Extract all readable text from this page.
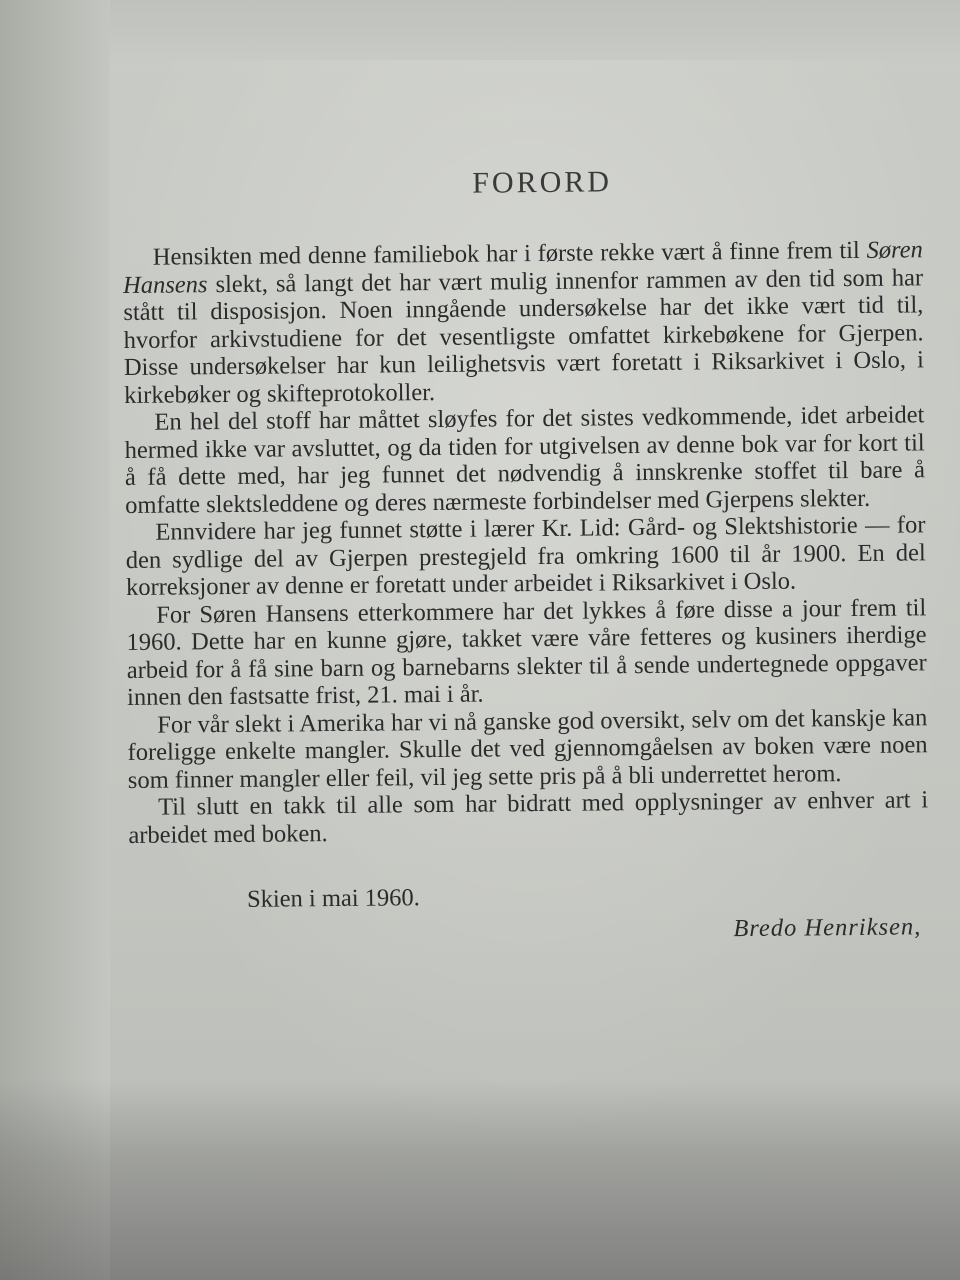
FORORD

Hensikten med denne familiebok har i første rekke vært å finne frem til Søren Hansens slekt, så langt det har vært mulig innenfor rammen av den tid som har stått til disposisjon. Noen inngående undersøkelse har det ikke vært tid til, hvorfor arkivstudiene for det vesentligste omfattet kirkebøkene for Gjerpen. Disse undersøkelser har kun leilighetsvis vært foretatt i Riksarkivet i Oslo, i kirkebøker og skifteprotokoller.

En hel del stoff har måttet sløyfes for det sistes vedkommende, idet arbeidet hermed ikke var avsluttet, og da tiden for utgivelsen av denne bok var for kort til å få dette med, har jeg funnet det nødvendig å innskrenke stoffet til bare å omfatte slektsleddene og deres nærmeste forbindelser med Gjerpens slekter.

Ennvidere har jeg funnet støtte i lærer Kr. Lid: Gård- og Slektshistorie — for den sydlige del av Gjerpen prestegjeld fra omkring 1600 til år 1900. En del korreksjoner av denne er foretatt under arbeidet i Riksarkivet i Oslo.

For Søren Hansens etterkommere har det lykkes å føre disse a jour frem til 1960. Dette har en kunne gjøre, takket være våre fetteres og kusiners iherdige arbeid for å få sine barn og barnebarns slekter til å sende undertegnede oppgaver innen den fastsatte frist, 21. mai i år.

For vår slekt i Amerika har vi nå ganske god oversikt, selv om det kanskje kan foreligge enkelte mangler. Skulle det ved gjennomgåelsen av boken være noen som finner mangler eller feil, vil jeg sette pris på å bli underrettet herom.

Til slutt en takk til alle som har bidratt med opplysninger av enhver art i arbeidet med boken.

Skien i mai 1960.
Bredo Henriksen,
